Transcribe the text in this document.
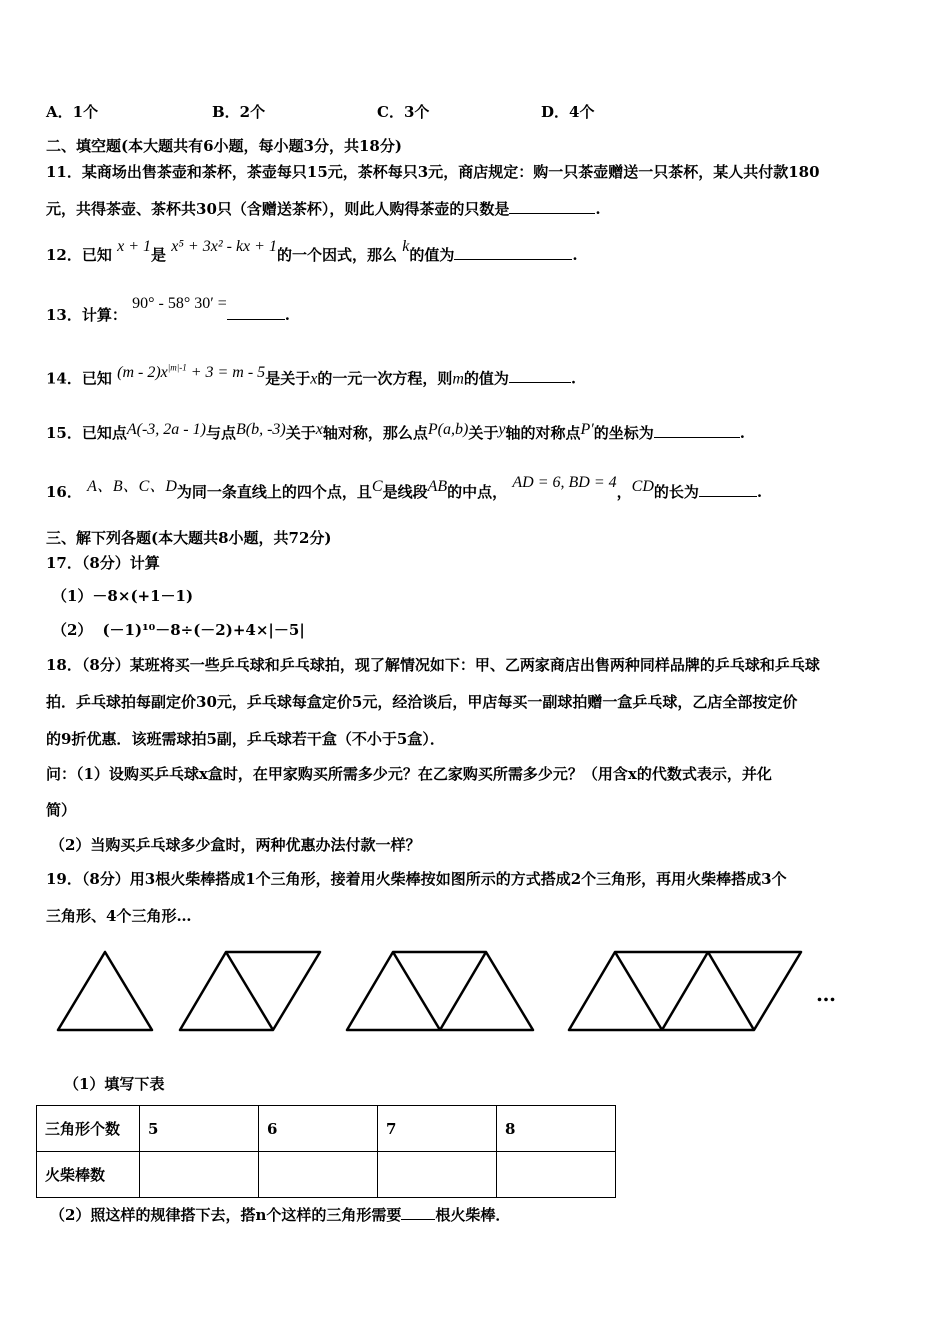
A．1个	B．2个	C．3个	D．4个
二、填空题(本大题共有6小题，每小题3分，共18分)
11．某商场出售茶壶和茶杯，茶壶每只15元，茶杯每只3元，商店规定：购一只茶壶赠送一只茶杯，某人共付款180
元，共得茶壶、茶杯共30只（含赠送茶杯），则此人购得茶壶的只数是	.
12．已知 x + 1是 x⁵ + 3x² - kx + 1的一个因式，那么 k的值为	.
13．计算： 90° - 58° 30′ =.
14．已知 $(m - 2)x^{|m|-1} + 3 = m - 5$是关于x的一元一次方程，则m的值为	.
15．已知点A(-3, 2a - 1)与点B(b, -3)关于x轴对称，那么点P(a,b)关于y轴的对称点P′的坐标为	.
16． A、B、C、D为同一条直线上的四个点，且C是线段AB的中点， AD = 6, BD = 4，CD的长为	.
三、解下列各题(本大题共8小题，共72分)
17．（8分）计算
（1）－8×(+1－1)
（2） (－1)¹⁰－8÷(－2)+4×|－5|
18．（8分）某班将买一些乒乓球和乒乓球拍，现了解情况如下：甲、乙两家商店出售两种同样品牌的乒乓球和乒乓球
拍．乒乓球拍每副定价30元，乒乓球每盒定价5元，经洽谈后，甲店每买一副球拍赠一盒乒乓球，乙店全部按定价
的9折优惠．该班需球拍5副，乒乓球若干盒（不小于5盒）．
问：（1）设购买乒乓球x盒时，在甲家购买所需多少元？在乙家购买所需多少元？（用含x的代数式表示，并化
简）
（2）当购买乒乓球多少盒时，两种优惠办法付款一样？
19．（8分）用3根火柴棒搭成1个三角形，接着用火柴棒按如图所示的方式搭成2个三角形，再用火柴棒搭成3个
三角形、4个三角形…
…
（1）填写下表
三角形个数	5	6	7	8
火柴棒数				
（2）照这样的规律搭下去，搭n个这样的三角形需要 根火柴棒．
